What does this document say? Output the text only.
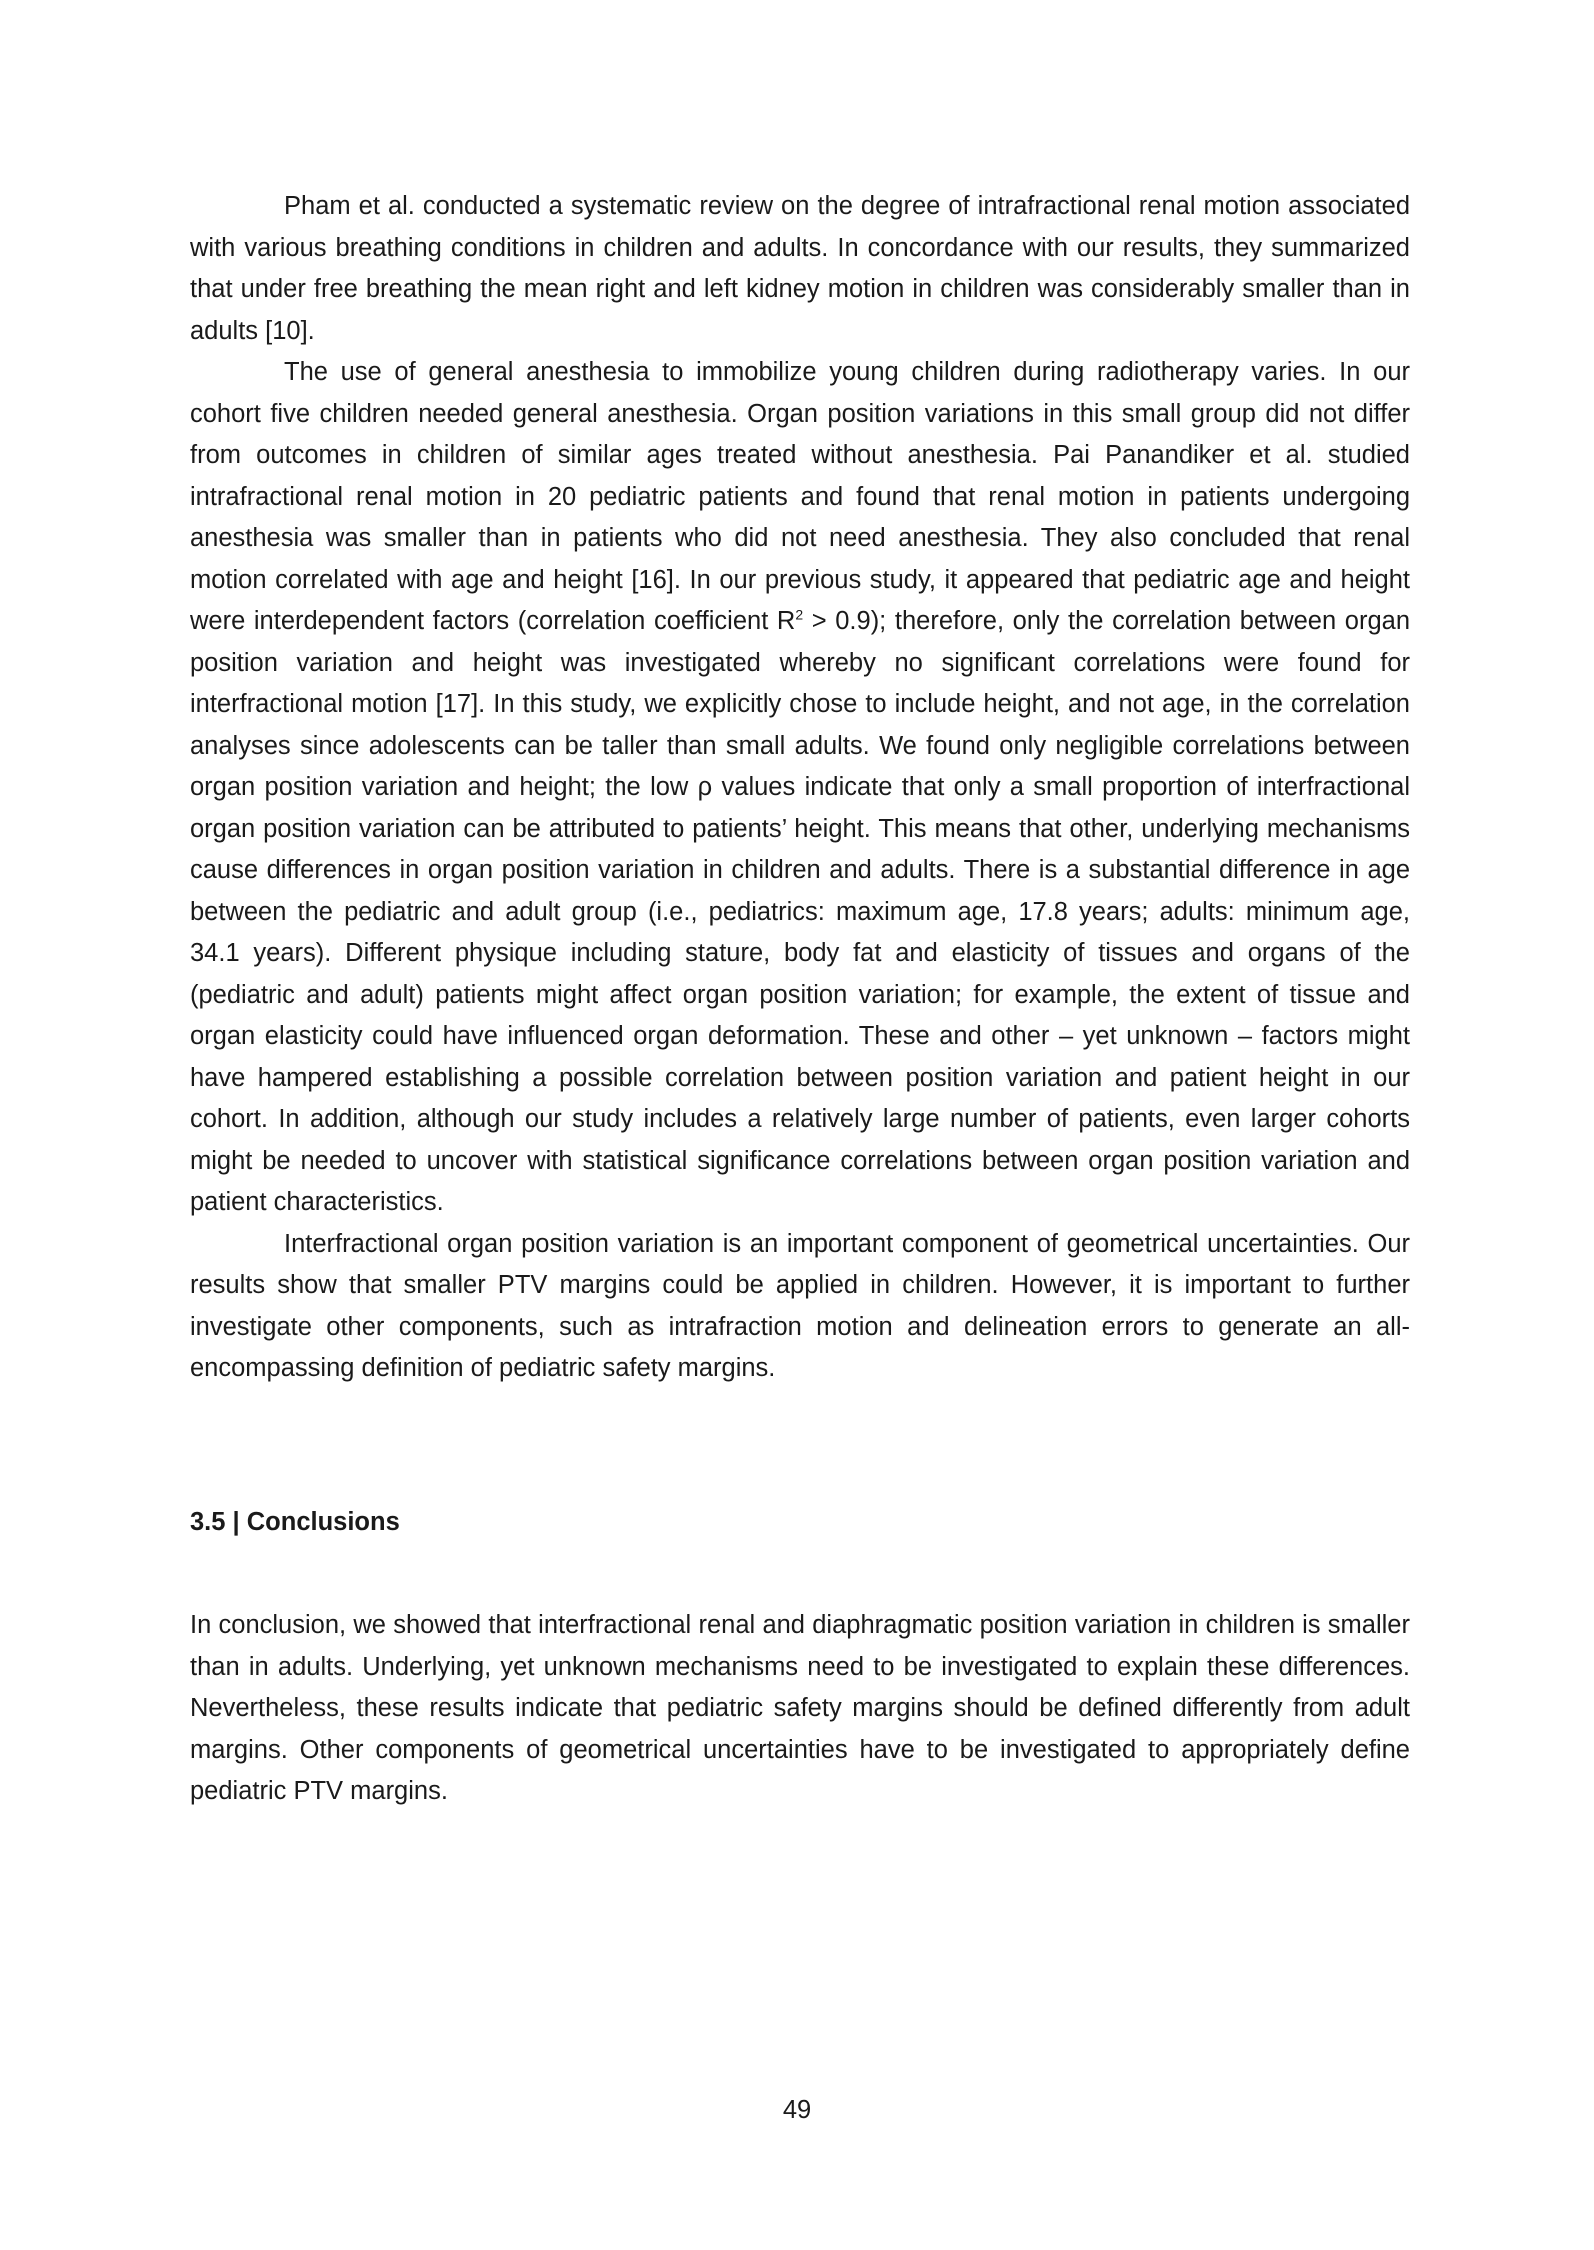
Pham et al. conducted a systematic review on the degree of intrafractional renal motion associated with various breathing conditions in children and adults. In concordance with our results, they summarized that under free breathing the mean right and left kidney motion in children was considerably smaller than in adults [10].

The use of general anesthesia to immobilize young children during radiotherapy varies. In our cohort five children needed general anesthesia. Organ position variations in this small group did not differ from outcomes in children of similar ages treated without anesthesia. Pai Panandiker et al. studied intrafractional renal motion in 20 pediatric patients and found that renal motion in patients undergoing anesthesia was smaller than in patients who did not need anesthesia. They also concluded that renal motion correlated with age and height [16]. In our previous study, it appeared that pediatric age and height were interdependent factors (correlation coefficient $R^2 > 0.9$); therefore, only the correlation between organ position variation and height was investigated whereby no significant correlations were found for interfractional motion [17]. In this study, we explicitly chose to include height, and not age, in the correlation analyses since adolescents can be taller than small adults. We found only negligible correlations between organ position variation and height; the low ρ values indicate that only a small proportion of interfractional organ position variation can be attributed to patients’ height. This means that other, underlying mechanisms cause differences in organ position variation in children and adults. There is a substantial difference in age between the pediatric and adult group (i.e., pediatrics: maximum age, 17.8 years; adults: minimum age, 34.1 years). Different physique including stature, body fat and elasticity of tissues and organs of the (pediatric and adult) patients might affect organ position variation; for example, the extent of tissue and organ elasticity could have influenced organ deformation. These and other – yet unknown – factors might have hampered establishing a possible correlation between position variation and patient height in our cohort. In addition, although our study includes a relatively large number of patients, even larger cohorts might be needed to uncover with statistical significance correlations between organ position variation and patient characteristics.

Interfractional organ position variation is an important component of geometrical uncertainties. Our results show that smaller PTV margins could be applied in children. However, it is important to further investigate other components, such as intrafraction motion and delineation errors to generate an all-encompassing definition of pediatric safety margins.

3.5 | Conclusions

In conclusion, we showed that interfractional renal and diaphragmatic position variation in children is smaller than in adults. Underlying, yet unknown mechanisms need to be investigated to explain these differences. Nevertheless, these results indicate that pediatric safety margins should be defined differently from adult margins. Other components of geometrical uncertainties have to be investigated to appropriately define pediatric PTV margins.

49
